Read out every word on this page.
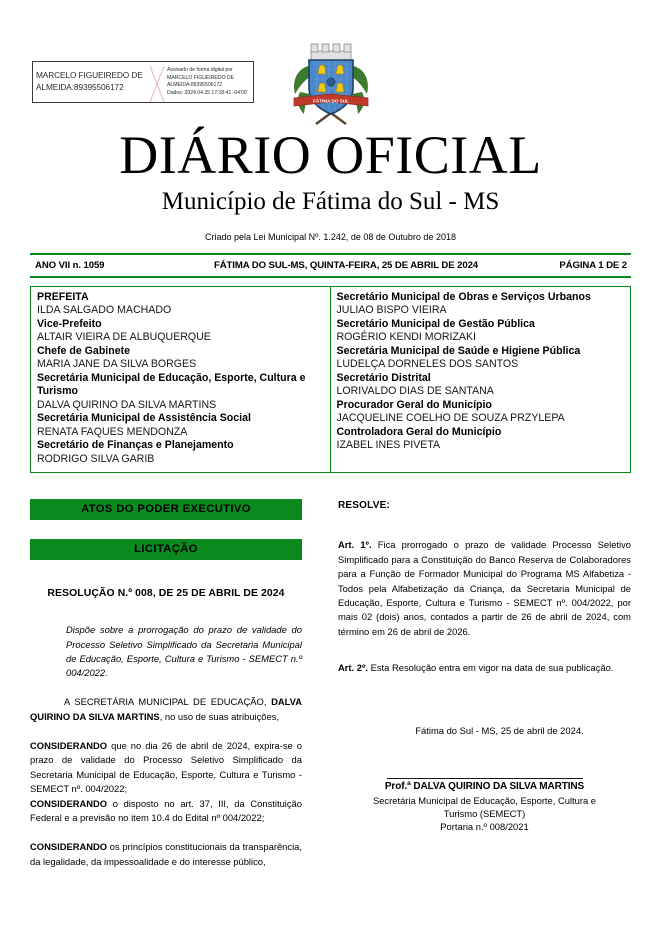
MARCELO FIGUEIREDO DE ALMEIDA:89395506172
Assinado de forma digital por
MARCELO FIGUEIREDO DE
ALMEIDA:89395506172
Dados: 2024.04.25 17:18:41 -04'00'
FÁTIMA DO SUL
DIÁRIO OFICIAL
Município de Fátima do Sul - MS
Criado pela Lei Municipal Nº. 1.242, de 08 de Outubro de 2018
ANO VII n. 1059	FÁTIMA DO SUL-MS, QUINTA-FEIRA, 25 DE ABRIL DE 2024	PÁGINA 1 DE 2
PREFEITA
ILDA SALGADO MACHADO
Vice-Prefeito
ALTAIR VIEIRA DE ALBUQUERQUE
Chefe de Gabinete
MARIA JANE DA SILVA BORGES
Secretária Municipal de Educação, Esporte, Cultura e Turismo
DALVA QUIRINO DA SILVA MARTINS
Secretária Municipal de Assistência Social
RENATA FAQUES MENDONZA
Secretário de Finanças e Planejamento
RODRIGO SILVA GARIB
Secretário Municipal de Obras e Serviços Urbanos
JULIAO BISPO VIEIRA
Secretário Municipal de Gestão Pública
ROGÉRIO KENDI MORIZAKI
Secretária Municipal de Saúde e Higiene Pública
LUDELÇA DORNELES DOS SANTOS
Secretário Distrital
LORIVALDO DIAS DE SANTANA
Procurador Geral do Município
JACQUELINE COELHO DE SOUZA PRZYLEPA
Controladora Geral do Município
IZABEL INES PIVETA
ATOS DO PODER EXECUTIVO
LICITAÇÃO
RESOLUÇÃO N.º 008, DE 25 DE ABRIL DE 2024
Dispõe sobre a prorrogação do prazo de validade do Processo Seletivo Simplificado da Secretaria Municipal de Educação, Esporte, Cultura e Turismo - SEMECT n.º 004/2022.

A SECRETÁRIA MUNICIPAL DE EDUCAÇÃO, DALVA QUIRINO DA SILVA MARTINS, no uso de suas atribuições,

CONSIDERANDO que no dia 26 de abril de 2024, expira-se o prazo de validade do Processo Seletivo Simplificado da Secretaria Municipal de Educação, Esporte, Cultura e Turismo - SEMECT nº. 004/2022;

CONSIDERANDO o disposto no art. 37, III, da Constituição Federal e a previsão no item 10.4 do Edital nº 004/2022;

CONSIDERANDO os princípios constitucionais da transparência, da legalidade, da impessoalidade e do interesse público,

RESOLVE:

Art. 1º. Fica prorrogado o prazo de validade Processo Seletivo Simplificado para a Constituição do Banco Reserva de Colaboradores para a Função de Formador Municipal do Programa MS Alfabetiza - Todos pela Alfabetização da Criança, da Secretaria Municipal de Educação, Esporte, Cultura e Turismo - SEMECT nº. 004/2022, por mais 02 (dois) anos, contados a partir de 26 de abril de 2024, com término em 26 de abril de 2026.

Art. 2º. Esta Resolução entra em vigor na data de sua publicação.

Fátima do Sul - MS, 25 de abril de 2024.
Prof.ª DALVA QUIRINO DA SILVA MARTINS
Secretária Municipal de Educação, Esporte, Cultura e
Turismo (SEMECT)
Portaria n.º 008/2021
